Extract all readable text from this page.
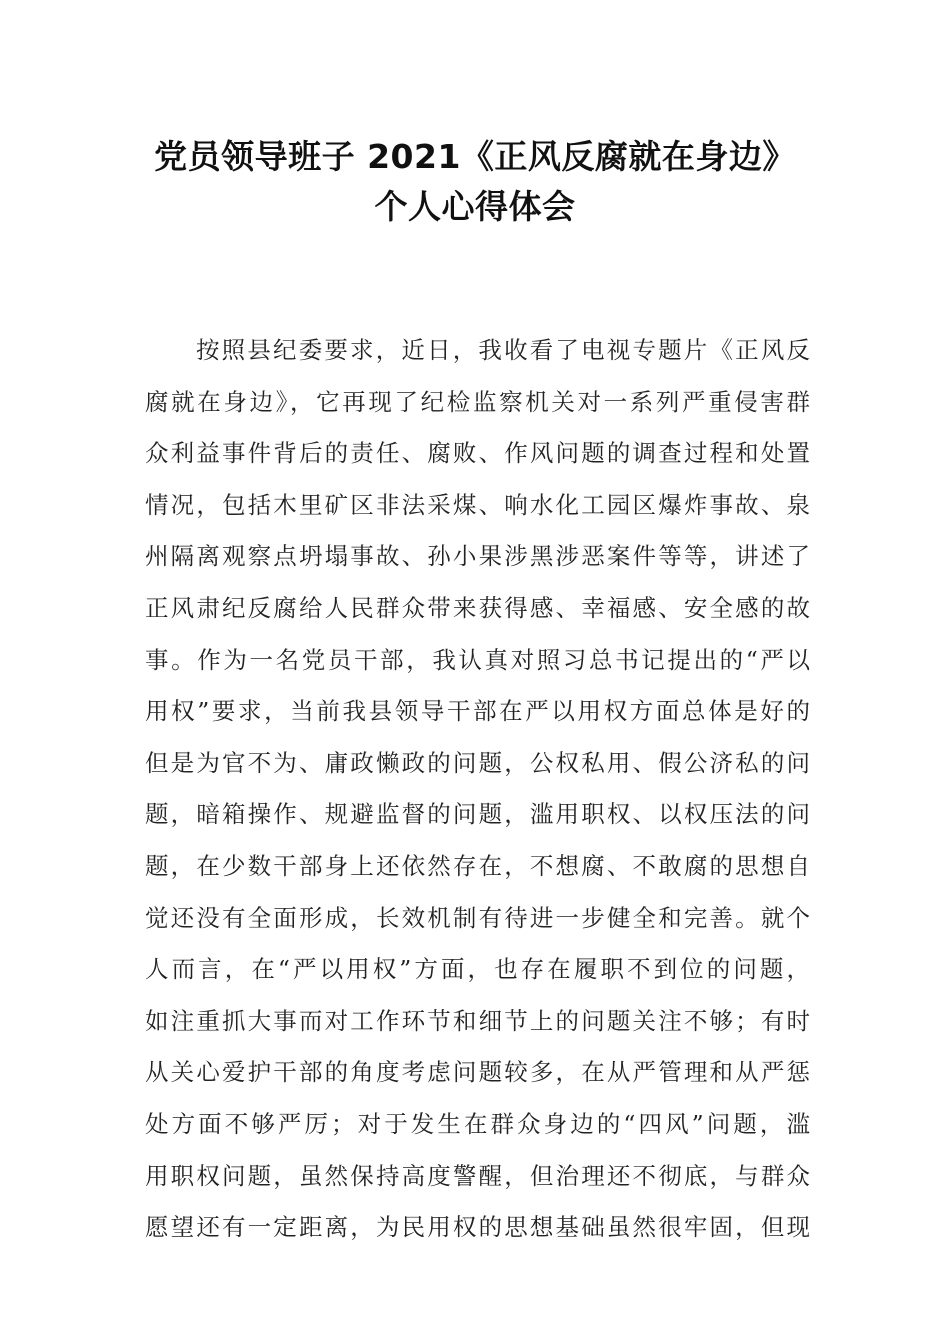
党员领导班子 2021《正风反腐就在身边》
个人心得体会
按照县纪委要求，近日，我收看了电视专题片《正风反
腐就在身边》，它再现了纪检监察机关对一系列严重侵害群
众利益事件背后的责任、腐败、作风问题的调查过程和处置
情况，包括木里矿区非法采煤、响水化工园区爆炸事故、泉
州隔离观察点坍塌事故、孙小果涉黑涉恶案件等等，讲述了
正风肃纪反腐给人民群众带来获得感、幸福感、安全感的故
事。作为一名党员干部，我认真对照习总书记提出的“严以
用权”要求，当前我县领导干部在严以用权方面总体是好的
但是为官不为、庸政懒政的问题，公权私用、假公济私的问
题，暗箱操作、规避监督的问题，滥用职权、以权压法的问
题，在少数干部身上还依然存在，不想腐、不敢腐的思想自
觉还没有全面形成，长效机制有待进一步健全和完善。就个
人而言，在“严以用权”方面，也存在履职不到位的问题，
如注重抓大事而对工作环节和细节上的问题关注不够；有时
从关心爱护干部的角度考虑问题较多，在从严管理和从严惩
处方面不够严厉；对于发生在群众身边的“四风”问题，滥
用职权问题，虽然保持高度警醒，但治理还不彻底，与群众
愿望还有一定距离，为民用权的思想基础虽然很牢固，但现
